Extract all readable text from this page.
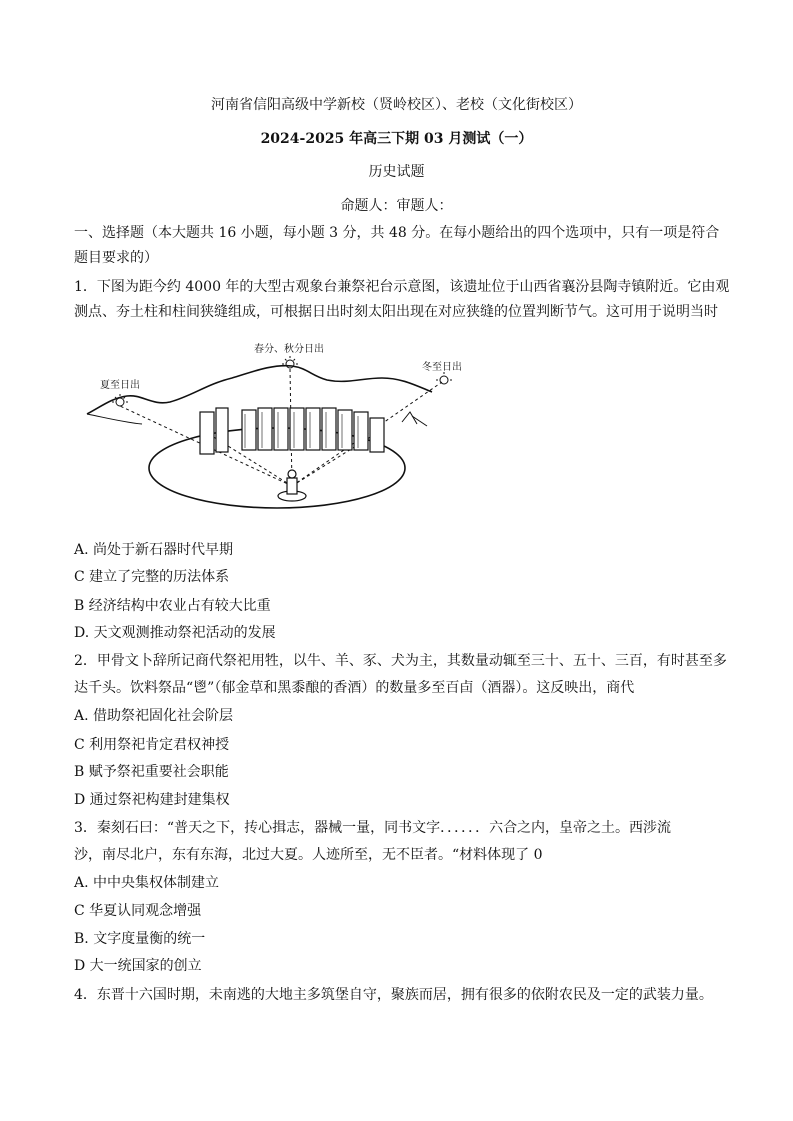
河南省信阳高级中学新校（贤岭校区）、老校（文化街校区）
2024-2025 年高三下期 03 月测试（一）
历史试题
命题人：审题人：
一、选择题（本大题共 16 小题，每小题 3 分，共 48 分。在每小题给出的四个选项中，只有一项是符合
题目要求的）
1．下图为距今约 4000 年的大型古观象台兼祭祀台示意图，该遗址位于山西省襄汾县陶寺镇附近。它由观
测点、夯土柱和柱间狭缝组成，可根据日出时刻太阳出现在对应狭缝的位置判断节气。这可用于说明当时
夏至日出
春分、秋分日出
冬至日出
A. 尚处于新石器时代早期
C 建立了完整的历法体系
B 经济结构中农业占有较大比重
D. 天文观测推动祭祀活动的发展
2．甲骨文卜辞所记商代祭祀用牲，以牛、羊、豕、犬为主，其数量动辄至三十、五十、三百，有时甚至多
达千头。饮料祭品“鬯”（郁金草和黑黍酿的香酒）的数量多至百卣（酒器）。这反映出，商代
A. 借助祭祀固化社会阶层
C 利用祭祀肯定君权神授
B 赋予祭祀重要社会职能
D 通过祭祀构建封建集权
3．秦刻石曰：“普天之下，抟心揖志，器械一量，同书文字．．．．．．六合之内，皇帝之土。西涉流
沙，南尽北户，东有东海，北过大夏。人迹所至，无不臣者。“材料体现了 0
A. 中中央集权体制建立
C 华夏认同观念增强
B. 文字度量衡的统一
D 大一统国家的创立
4．东晋十六国时期，未南逃的大地主多筑堡自守，聚族而居，拥有很多的依附农民及一定的武装力量。
